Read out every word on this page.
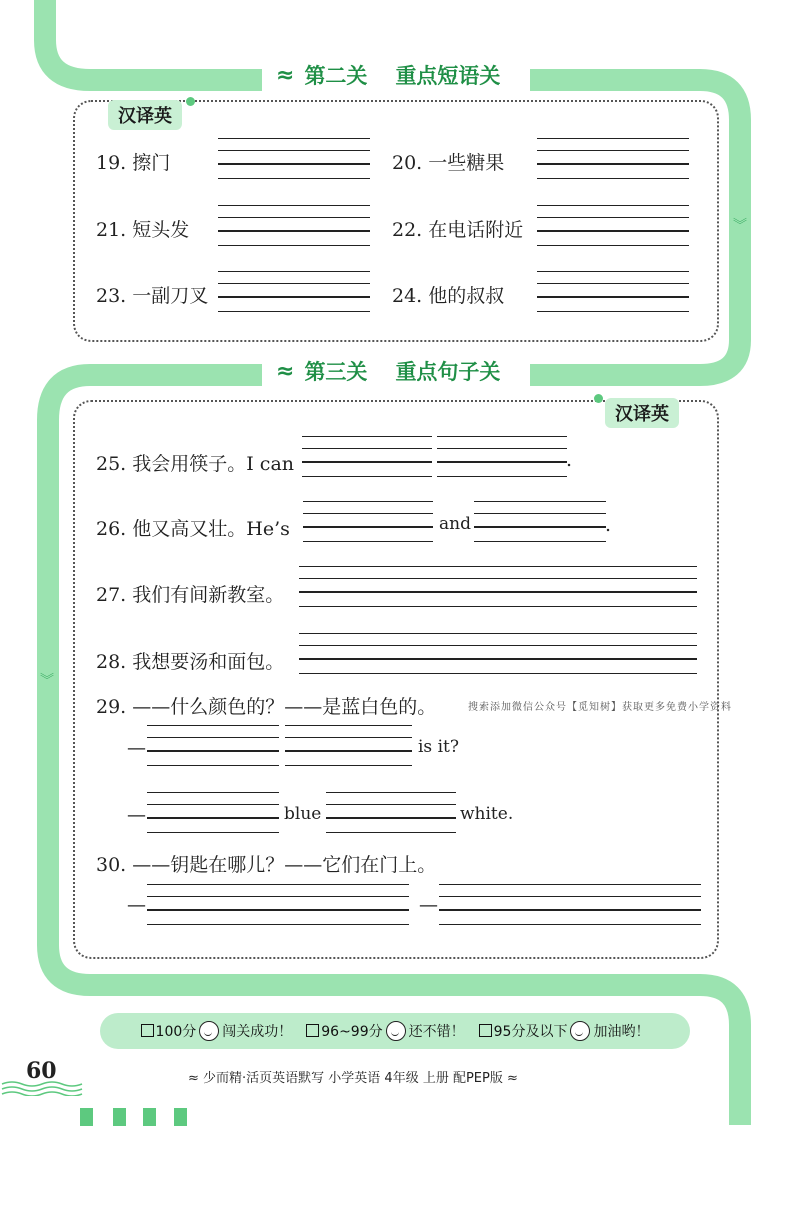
︾
︾
≈ 第二关 重点短语关
汉译英
19. 擦门	20. 一些糖果
21. 短头发	22. 在电话附近
23. 一副刀叉	24. 他的叔叔
≈ 第三关 重点句子关
汉译英
25. 我会用筷子。I can	.
26. 他又高又壮。He’s	and	.
27. 我们有间新教室。
28. 我想要汤和面包。
29. ——什么颜色的？——是蓝白色的。	搜索添加微信公众号【觅知树】获取更多免费小学资料
—	is it?
—	blue	white.
30. ——钥匙在哪儿？——它们在门上。
—	—
100分 闯关成功！	96~99分 还不错！	95分及以下 加油哟！
60	≈ 少而精·活页英语默写 小学英语 4年级 上册 配PEP版 ≈
